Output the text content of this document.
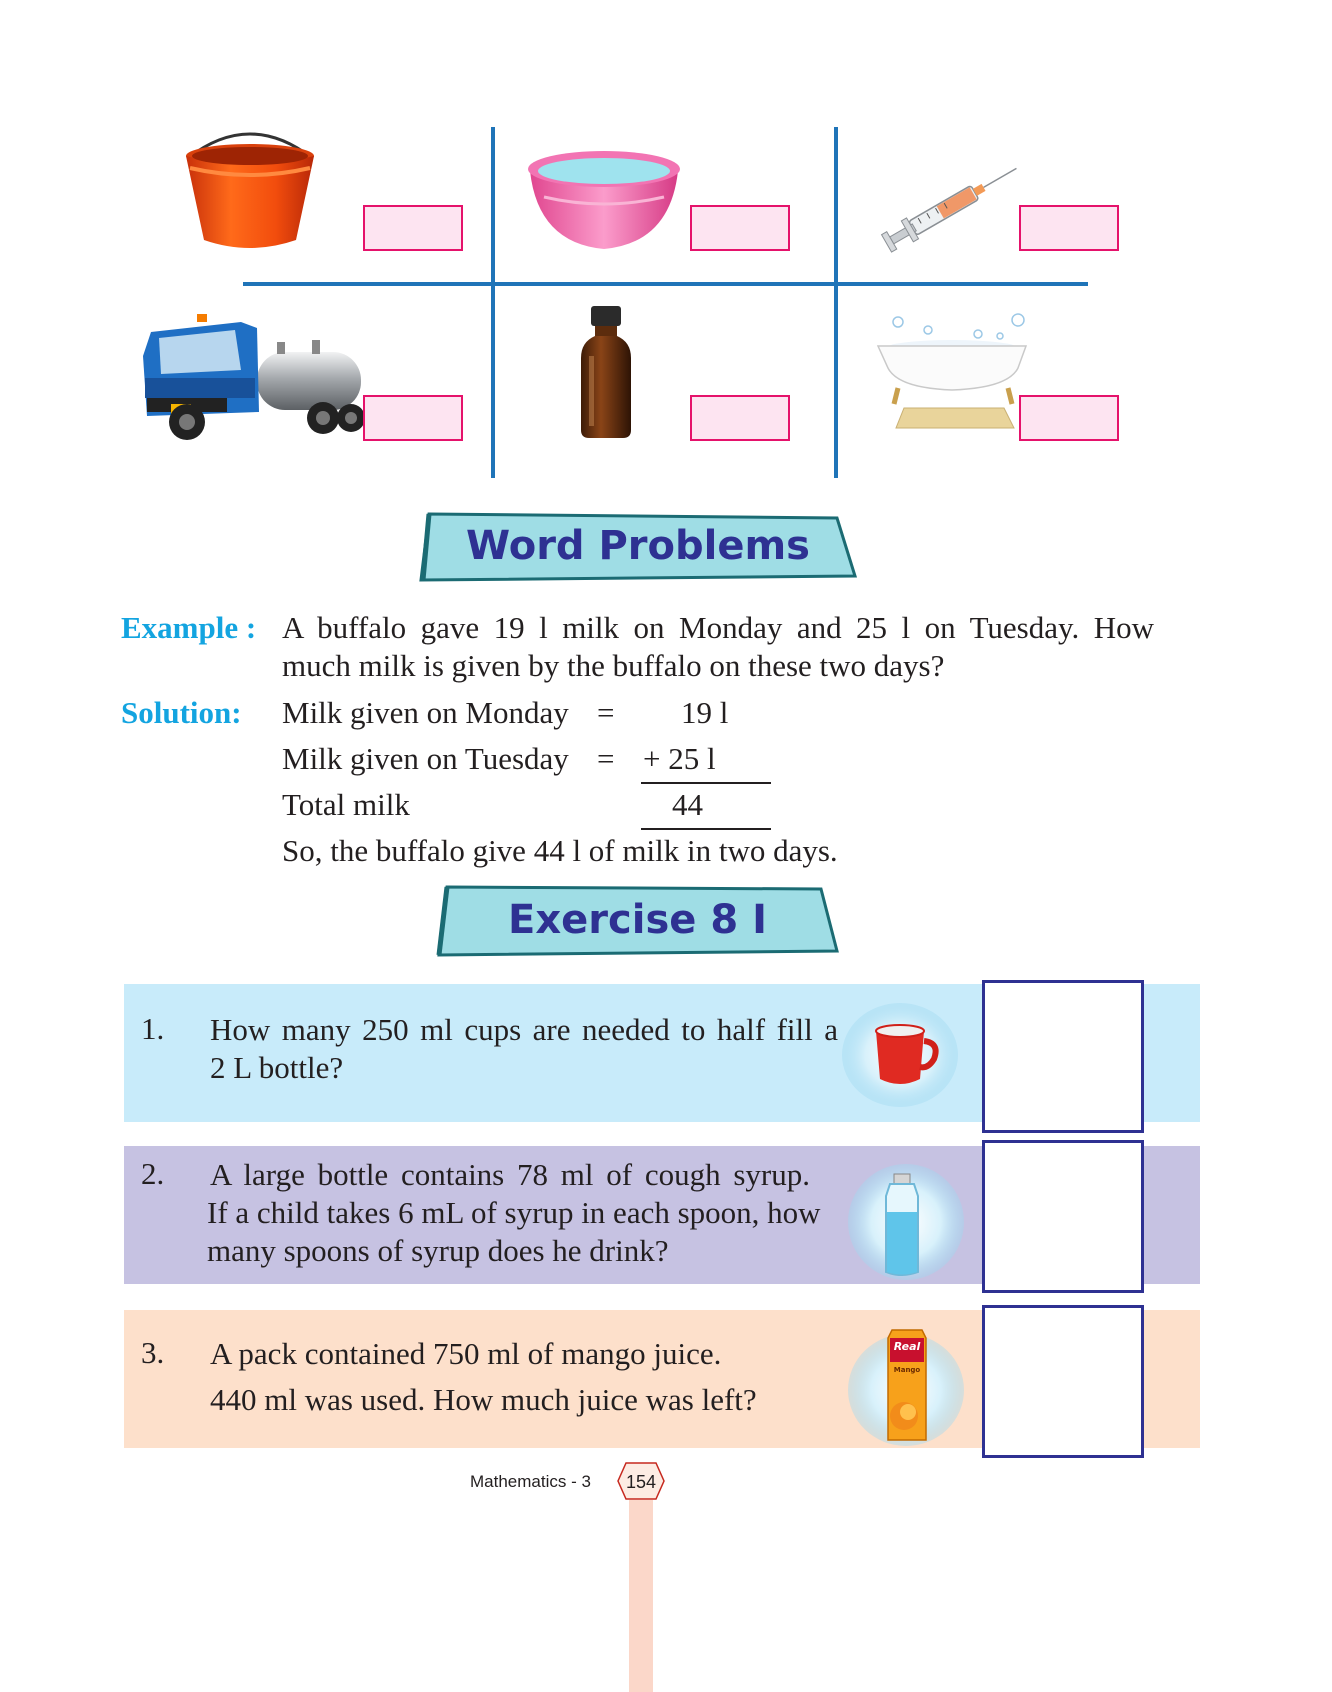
Word Problems
Example : A buffalo gave 19 l milk on Monday and 25 l on Tuesday. How
much milk is given by the buffalo on these two days?
Solution: Milk given on Monday = 19 l
Milk given on Tuesday = + 25 l
Total milk	44
So, the buffalo give 44 l of milk in two days.
Exercise 8 I
1. How many 250 ml cups are needed to half fill a
2 L bottle?
2. A large bottle contains 78 ml of cough syrup.
If a child takes 6 mL of syrup in each spoon, how
many spoons of syrup does he drink?
3. A pack contained 750 ml of mango juice.
440 ml was used. How much juice was left?
Real
Mango
Mathematics - 3 154
